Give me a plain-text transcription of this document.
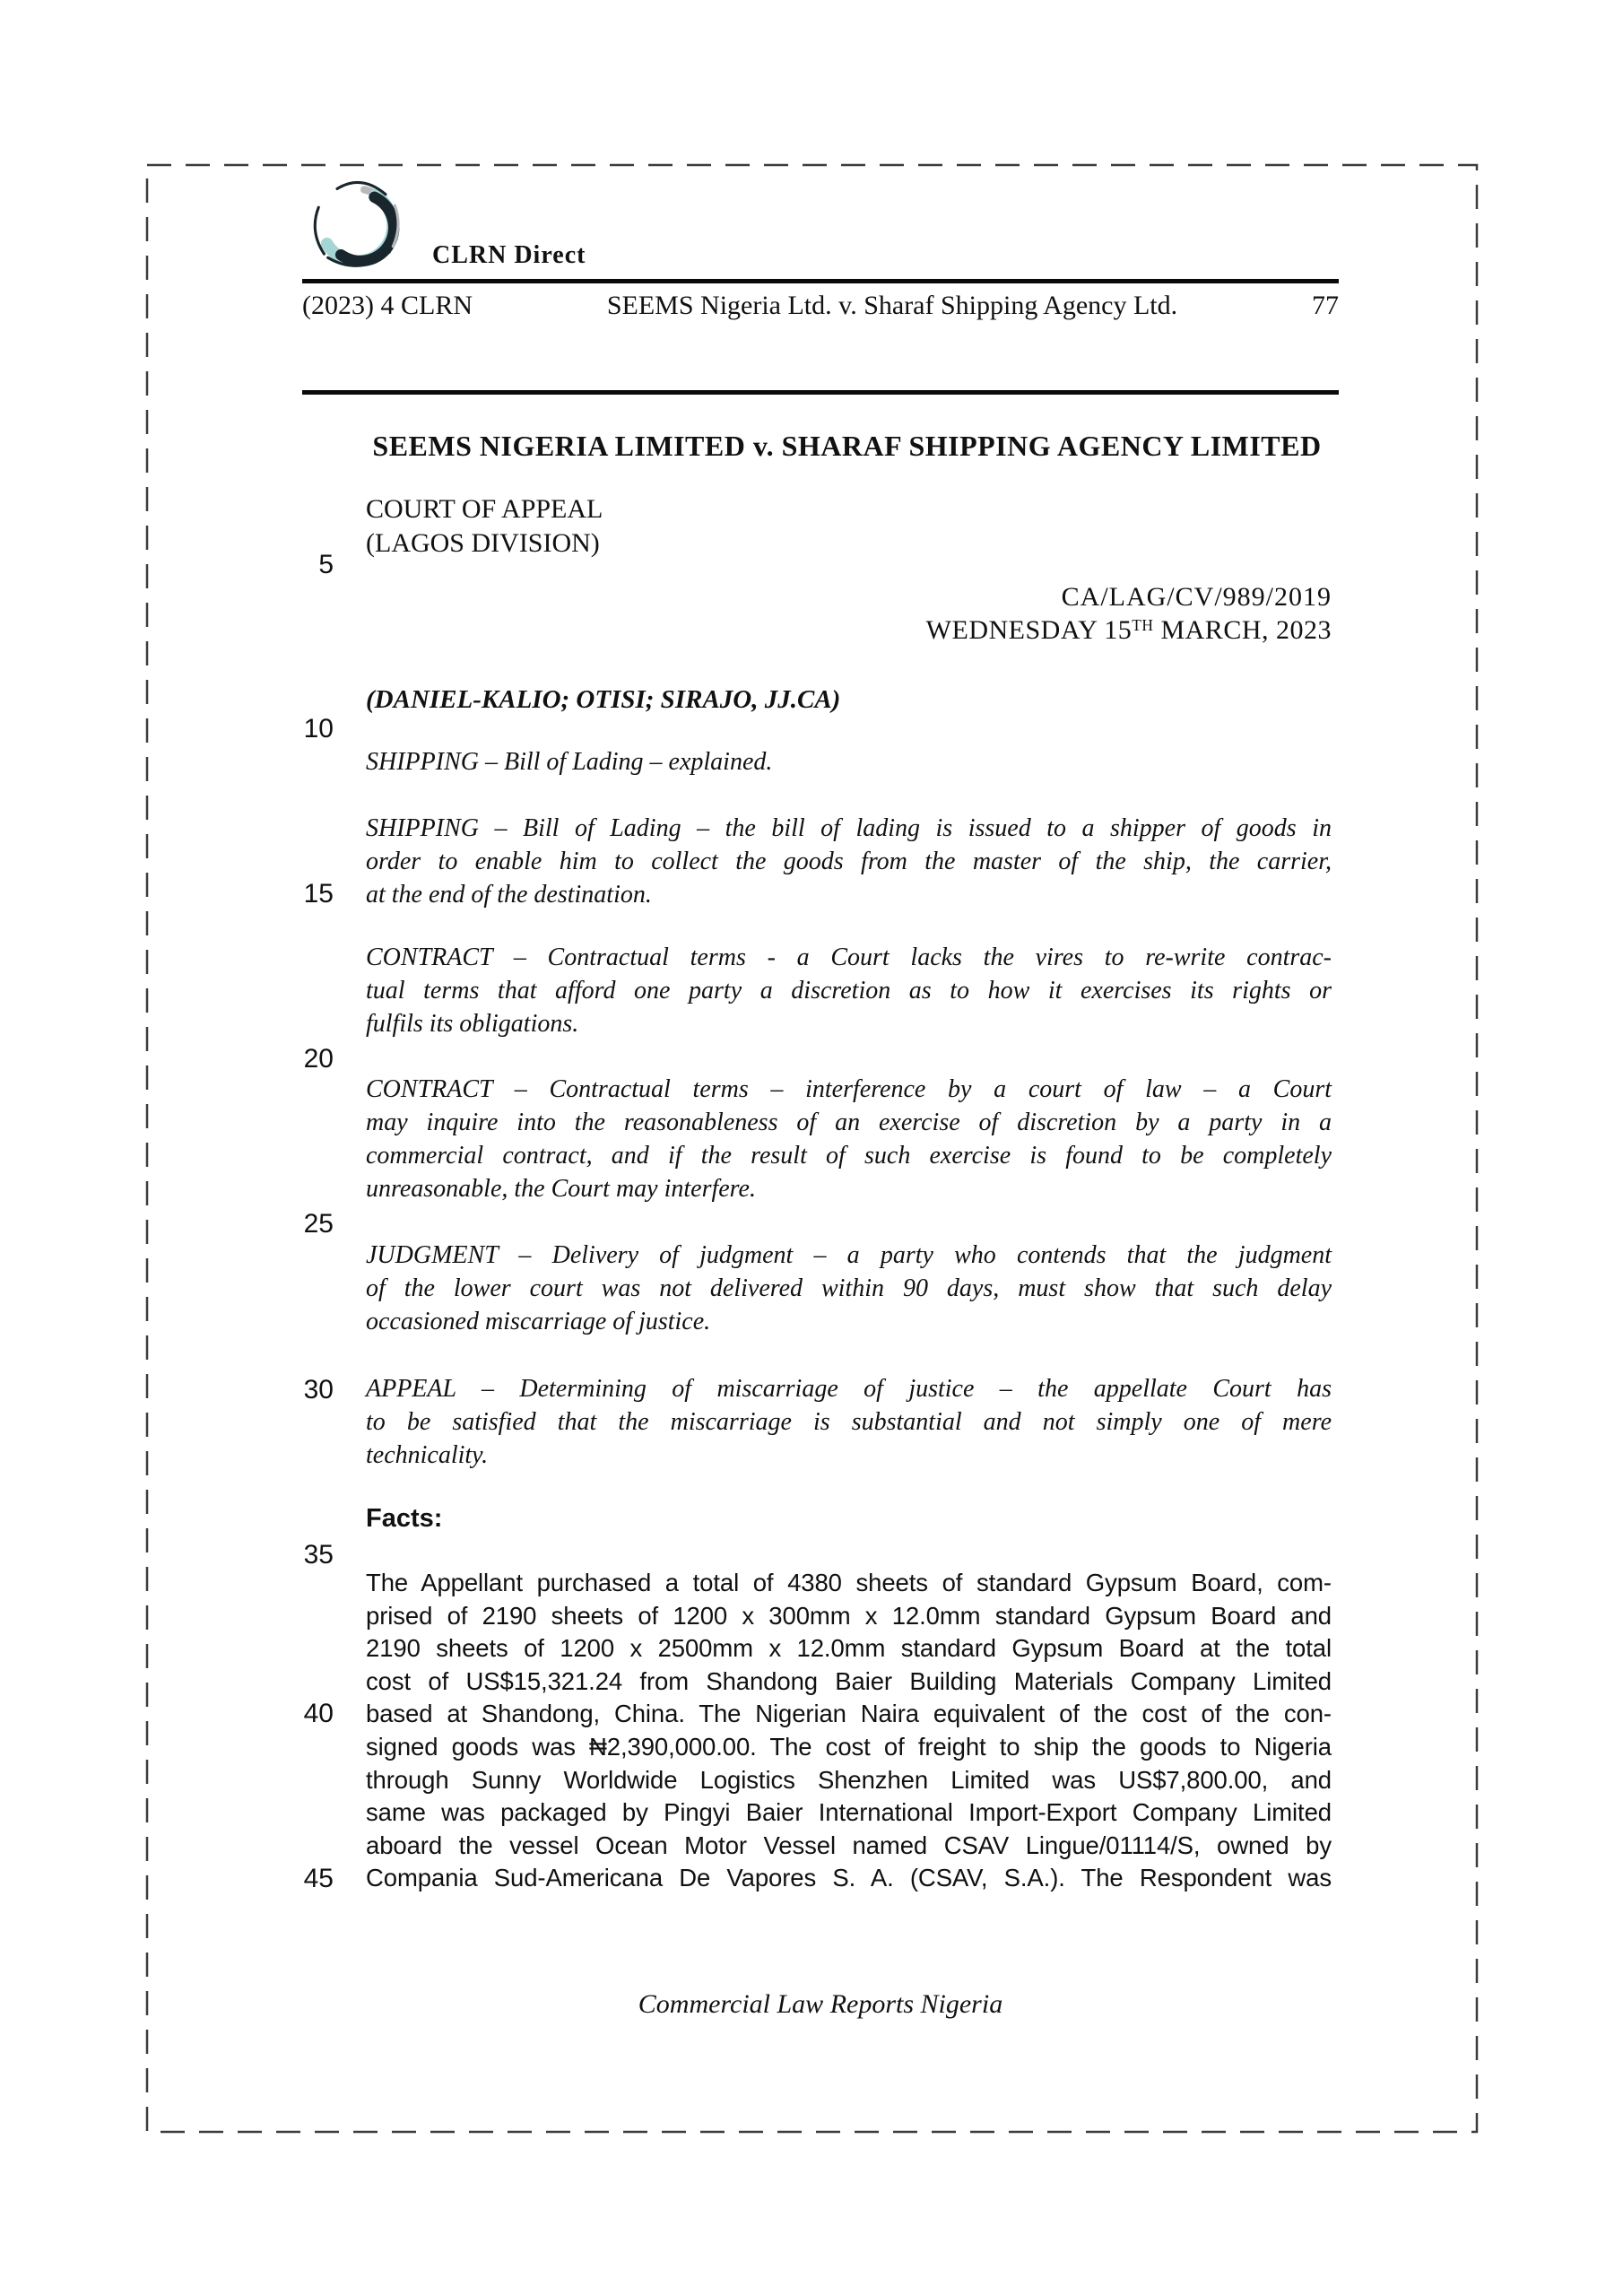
CLRN Direct
(2023) 4 CLRN	SEEMS Nigeria Ltd. v. Sharaf Shipping Agency Ltd.	77
SEEMS NIGERIA LIMITED v. SHARAF SHIPPING AGENCY LIMITED
COURT OF APPEAL
(LAGOS DIVISION)
CA/LAG/CV/989/2019
WEDNESDAY 15TH MARCH, 2023
(DANIEL-KALIO; OTISI; SIRAJO, JJ.CA)
SHIPPING – Bill of Lading – explained.
SHIPPING – Bill of Lading – the bill of lading is issued to a shipper of goods in
order to enable him to collect the goods from the master of the ship, the carrier,
at the end of the destination.
CONTRACT – Contractual terms - a Court lacks the vires to re-write contrac-
tual terms that afford one party a discretion as to how it exercises its rights or
fulfils its obligations.
CONTRACT – Contractual terms – interference by a court of law – a Court
may inquire into the reasonableness of an exercise of discretion by a party in a
commercial contract, and if the result of such exercise is found to be completely
unreasonable, the Court may interfere.
JUDGMENT – Delivery of judgment – a party who contends that the judgment
of the lower court was not delivered within 90 days, must show that such delay
occasioned miscarriage of justice.
APPEAL – Determining of miscarriage of justice – the appellate Court has
to be satisfied that the miscarriage is substantial and not simply one of mere
technicality.
Facts:
The Appellant purchased a total of 4380 sheets of standard Gypsum Board, com-
prised of 2190 sheets of 1200 x 300mm x 12.0mm standard Gypsum Board and
2190 sheets of 1200 x 2500mm x 12.0mm standard Gypsum Board at the total
cost of US$15,321.24 from Shandong Baier Building Materials Company Limited
based at Shandong, China. The Nigerian Naira equivalent of the cost of the con-
signed goods was ₦2,390,000.00. The cost of freight to ship the goods to Nigeria
through Sunny Worldwide Logistics Shenzhen Limited was US$7,800.00, and
same was packaged by Pingyi Baier International Import-Export Company Limited
aboard the vessel Ocean Motor Vessel named CSAV Lingue/01114/S, owned by
Compania Sud-Americana De Vapores S. A. (CSAV, S.A.). The Respondent was
5
10
15
20
25
30
35
40
45
Commercial Law Reports Nigeria
